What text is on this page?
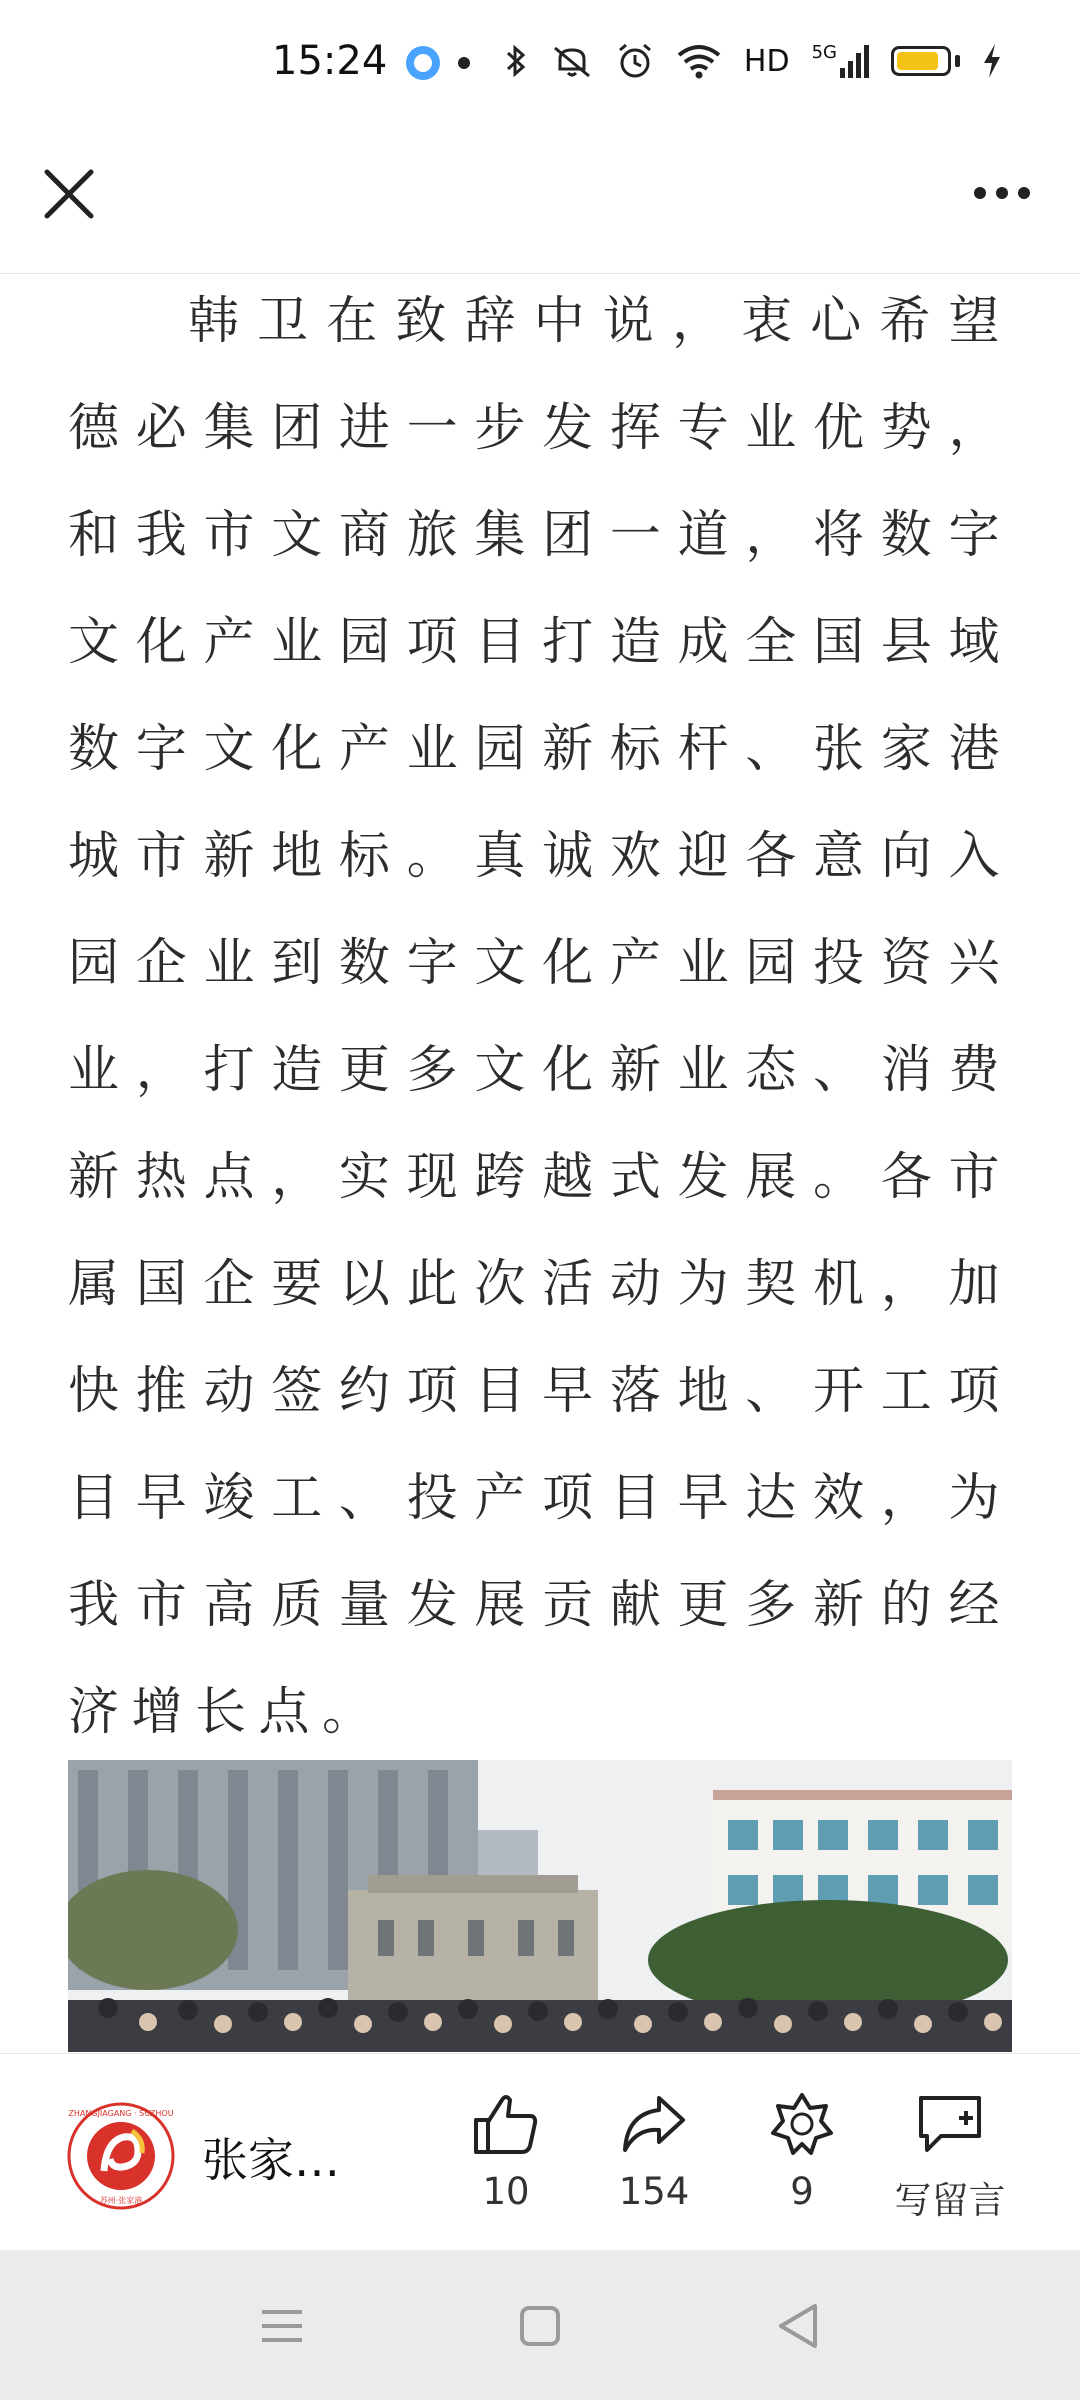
15:24	HD 5G

韩卫在致辞中说，衷心希望德必集团进一步发挥专业优势，和我市文商旅集团一道，将数字文化产业园项目打造成全国县域数字文化产业园新标杆、张家港城市新地标。真诚欢迎各意向入园企业到数字文化产业园投资兴业，打造更多文化新业态、消费新热点，实现跨越式发展。各市属国企要以此次活动为契机，加快推动签约项目早落地、开工项目早竣工、投产项目早达效，为我市高质量发展贡献更多新的经济增长点。

ZHANGJIAGANG · SUZHOU
苏州·张家港
张家…
10 154	9 写留言
